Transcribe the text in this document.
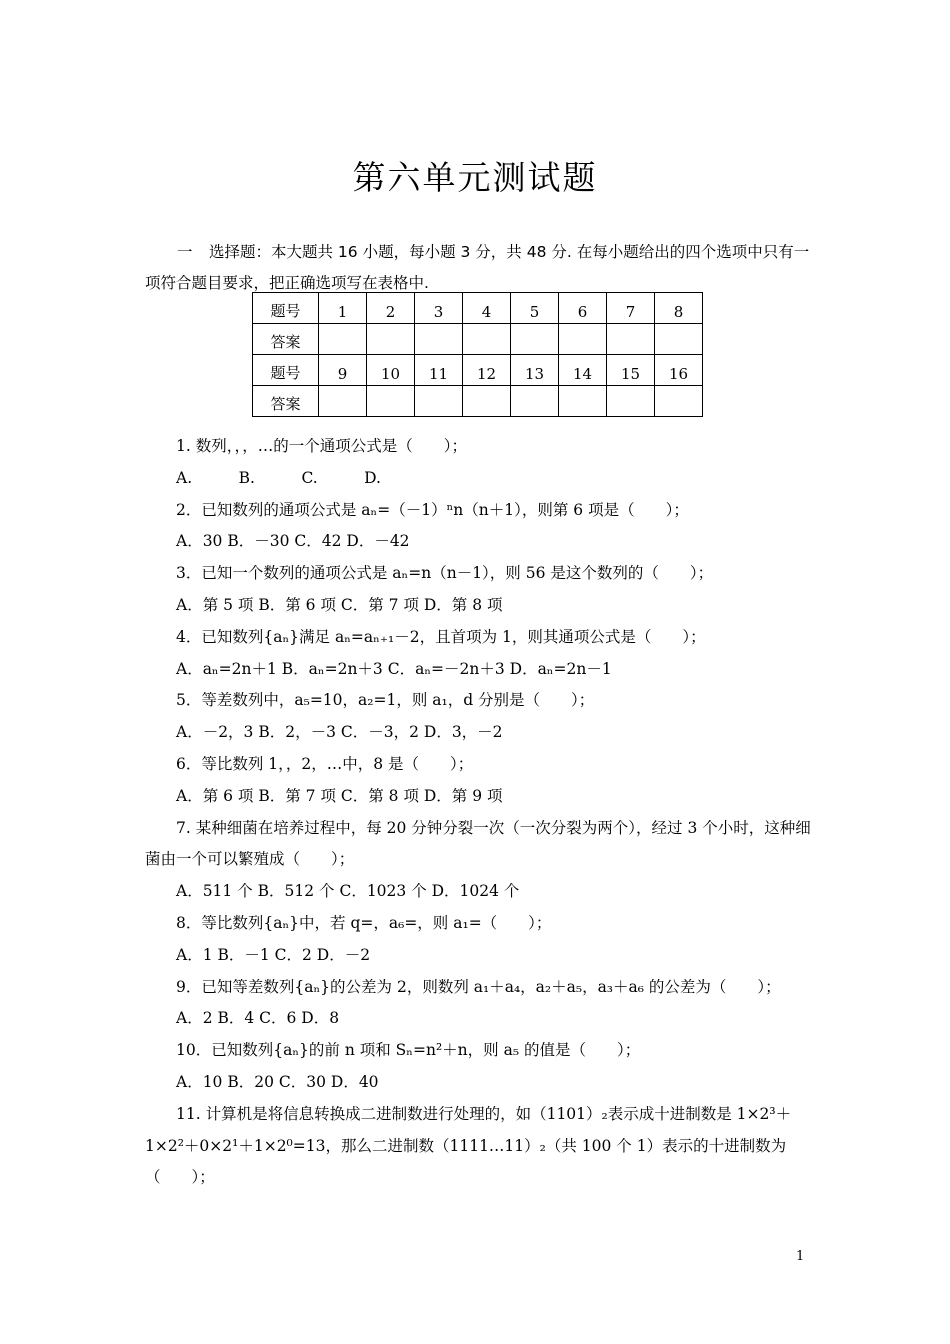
第六单元测试题
一 选择题：本大题共 16 小题，每小题 3 分，共 48 分. 在每小题给出的四个选项中只有一项符合题目要求，把正确选项写在表格中.
题号	1	2	3	4	5	6	7	8
答案								
题号	9	10	11	12	13	14	15	16
答案								
1. 数列，，，…的一个通项公式是（　　）；
A.　　　B.　　　C.　　　D.
2．已知数列的通项公式是 aₙ=（－1）ⁿn（n＋1），则第 6 项是（　　）；
A．30 B．－30 C．42 D．－42
3．已知一个数列的通项公式是 aₙ=n（n－1），则 56 是这个数列的（　　）；
A．第 5 项 B．第 6 项 C．第 7 项 D．第 8 项
4．已知数列{aₙ}满足 aₙ=aₙ₊₁－2，且首项为 1，则其通项公式是（　　）；
A．aₙ=2n＋1 B．aₙ=2n＋3 C．aₙ=－2n＋3 D．aₙ=2n－1
5．等差数列中，a₅=10，a₂=1，则 a₁，d 分别是（　　）；
A．－2，3 B．2，－3 C．－3，2 D．3，－2
6．等比数列 1，，2，…中，8 是（　　）；
A．第 6 项 B．第 7 项 C．第 8 项 D．第 9 项
7. 某种细菌在培养过程中，每 20 分钟分裂一次（一次分裂为两个），经过 3 个小时，这种细菌由一个可以繁殖成（　　）；
A．511 个 B．512 个 C．1023 个 D．1024 个
8．等比数列{aₙ}中，若 q=，a₆=，则 a₁=（　　）；
A．1 B．－1 C．2 D．－2
9．已知等差数列{aₙ}的公差为 2，则数列 a₁＋a₄，a₂＋a₅，a₃＋a₆ 的公差为（　　）；
A．2 B．4 C．6 D．8
10．已知数列{aₙ}的前 n 项和 Sₙ=n²＋n，则 a₅ 的值是（　　）；
A．10 B．20 C．30 D．40
11. 计算机是将信息转换成二进制数进行处理的，如（1101）₂表示成十进制数是 1×2³＋1×2²＋0×2¹＋1×2⁰=13，那么二进制数（1111…11）₂（共 100 个 1）表示的十进制数为（　　）；
1
